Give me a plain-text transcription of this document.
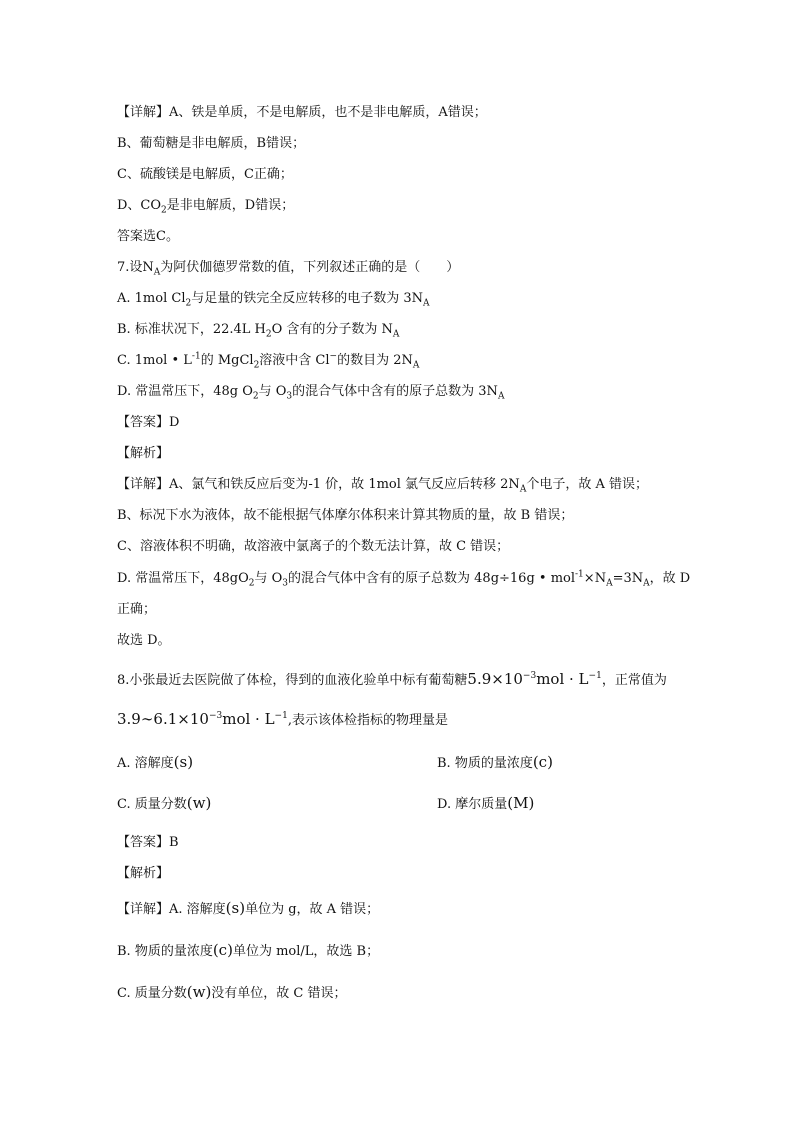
【详解】A、铁是单质，不是电解质，也不是非电解质，A错误；
B、葡萄糖是非电解质，B错误；
C、硫酸镁是电解质，C正确；
D、$CO_2$是非电解质，D错误；
答案选C。
7.设$N_A$为阿伏伽德罗常数的值，下列叙述正确的是（　　）
A. 1mol $Cl_2$与足量的铁完全反应转移的电子数为 $3N_A$
B. 标准状况下，22.4L $H_2O$ 含有的分子数为 $N_A$
C. 1mol • $L^{-1}$的 MgCl$_2$溶液中含 Cl−的数目为 $2N_A$
D. 常温常压下，48g $O_2$与 $O_3$的混合气体中含有的原子总数为 $3N_A$
【答案】D
【解析】
【详解】A、氯气和铁反应后变为-1 价，故 1mol 氯气反应后转移 $2N_A$个电子，故 A 错误；
B、标况下水为液体，故不能根据气体摩尔体积来计算其物质的量，故 B 错误；
C、溶液体积不明确，故溶液中氯离子的个数无法计算，故 C 错误；
D. 常温常压下，$48gO_2$与 $O_3$的混合气体中含有的原子总数为 48g÷16g • $mol^{-1}\times N_A=3N_A$，故 D
正确；
故选 D。
8.小张最近去医院做了体检，得到的血液化验单中标有葡萄糖$5.9\times 10^{-3}mol \cdot L^{-1}$，正常值为
$3.9\sim 6.1\times 10^{-3}mol \cdot L^{-1}$,表示该体检指标的物理量是
A. 溶解度(s)	B. 物质的量浓度(c)
C. 质量分数(w)	D. 摩尔质量(M)
【答案】B
【解析】
【详解】A. 溶解度(s)单位为 g，故 A 错误；
B. 物质的量浓度(c)单位为 mol/L，故选 B；
C. 质量分数(w)没有单位，故 C 错误；
